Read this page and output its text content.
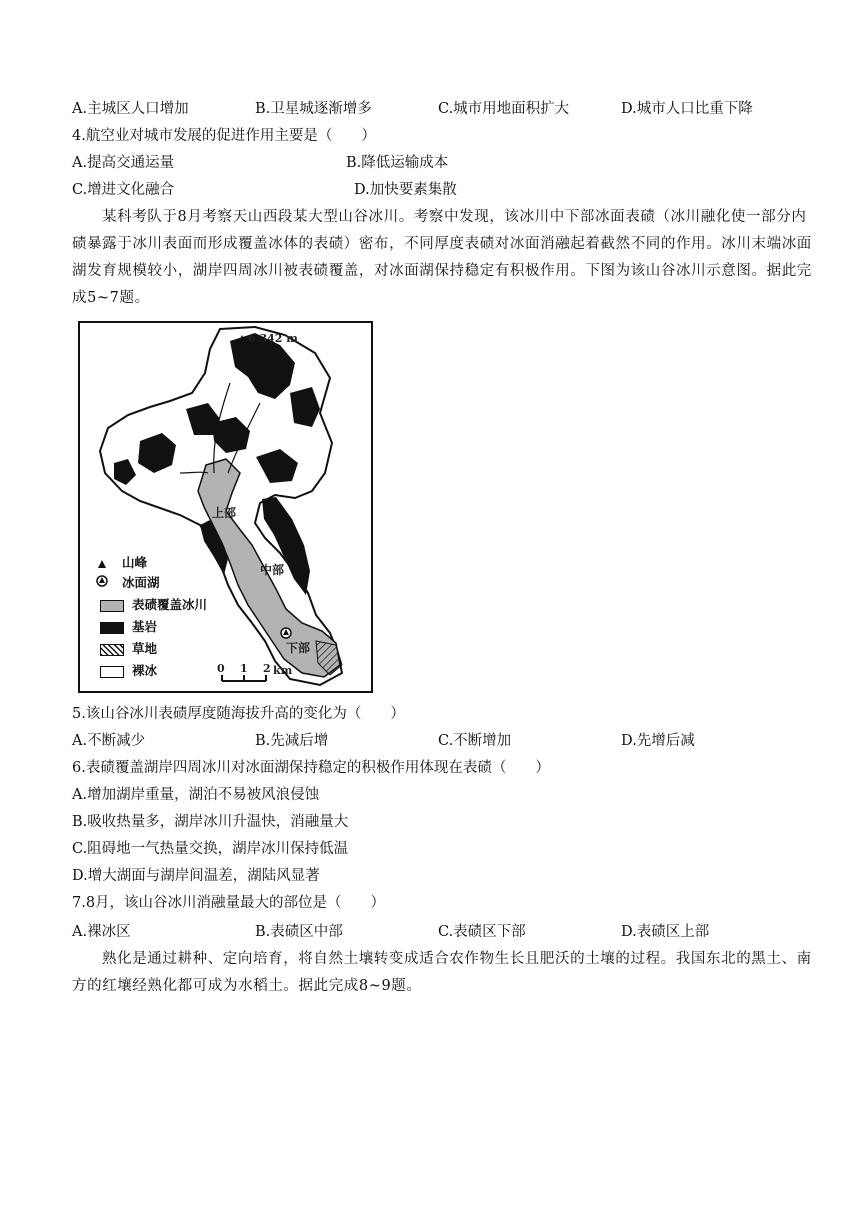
A.主城区人口增加	B.卫星城逐渐增多	C.城市用地面积扩大	D.城市人口比重下降
4.航空业对城市发展的促进作用主要是（　　）
A.提高交通运量	B.降低运输成本
C.增进文化融合	D.加快要素集散
某科考队于8月考察天山西段某大型山谷冰川。考察中发现，该冰川中下部冰面表碛（冰川融化使一部分内碛暴露于冰川表面而形成覆盖冰体的表碛）密布，不同厚度表碛对冰面消融起着截然不同的作用。冰川末端冰面湖发育规模较小，湖岸四周冰川被表碛覆盖，对冰面湖保持稳定有积极作用。下图为该山谷冰川示意图。据此完成5~7题。
6 342 m
上部
中部
下部
山峰
冰面湖
表碛覆盖冰川
基岩
草地
裸冰	0 1 2 km
5.该山谷冰川表碛厚度随海拔升高的变化为（　　）
A.不断减少	B.先减后增	C.不断增加	D.先增后减
6.表碛覆盖湖岸四周冰川对冰面湖保持稳定的积极作用体现在表碛（　　）
A.增加湖岸重量，湖泊不易被风浪侵蚀
B.吸收热量多，湖岸冰川升温快，消融量大
C.阻碍地一气热量交换，湖岸冰川保持低温
D.增大湖面与湖岸间温差，湖陆风显著
7.8月，该山谷冰川消融量最大的部位是（　　）
A.裸冰区	B.表碛区中部	C.表碛区下部	D.表碛区上部
熟化是通过耕种、定向培育，将自然土壤转变成适合农作物生长且肥沃的土壤的过程。我国东北的黑土、南方的红壤经熟化都可成为水稻土。据此完成8~9题。
